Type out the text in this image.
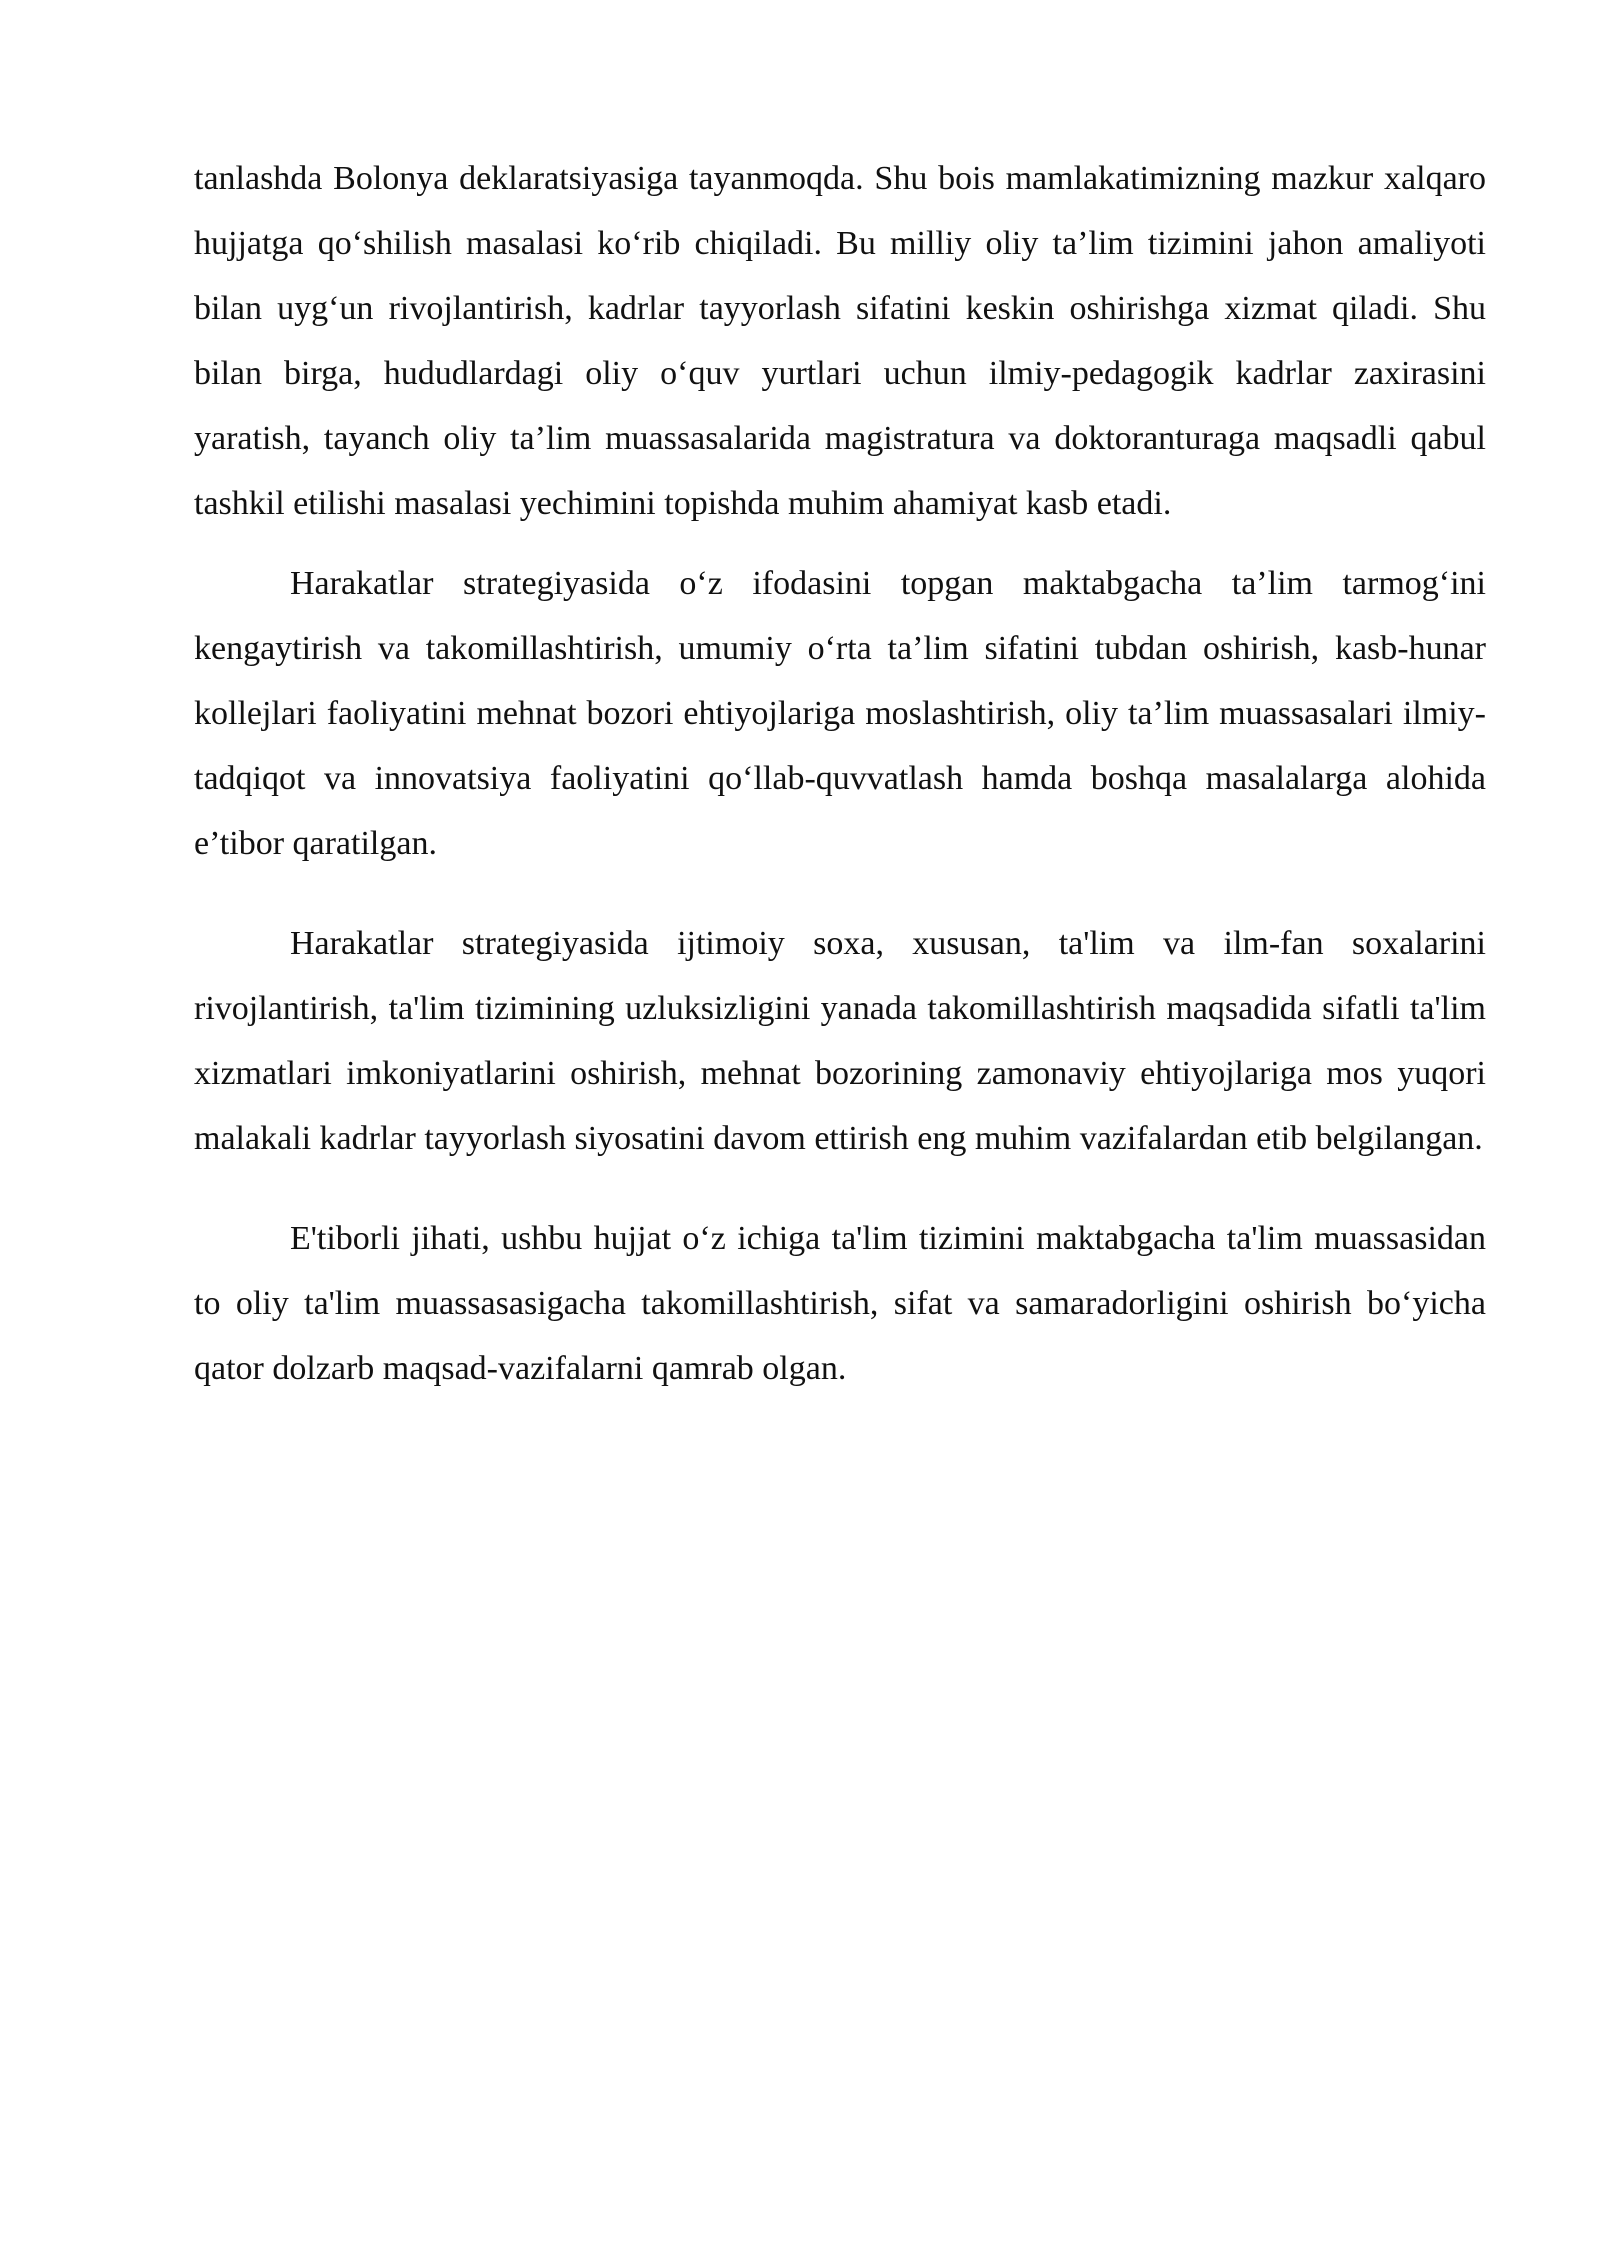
tanlashda Bolonya deklaratsiyasiga tayanmoqda. Shu bois mamlakatimizning mazkur xalqaro hujjatga qo‘shilish masalasi ko‘rib chiqiladi. Bu milliy oliy ta’lim tizimini jahon amaliyoti bilan uyg‘un rivojlantirish, kadrlar tayyorlash sifatini keskin oshirishga xizmat qiladi. Shu bilan birga, hududlardagi oliy o‘quv yurtlari uchun ilmiy-pedagogik kadrlar zaxirasini yaratish, tayanch oliy ta’lim muassasalarida magistratura va doktoranturaga maqsadli qabul tashkil etilishi masalasi yechimini topishda muhim ahamiyat kasb etadi.

Harakatlar strategiyasida o‘z ifodasini topgan maktabgacha ta’lim tarmog‘ini kengaytirish va takomillashtirish, umumiy o‘rta ta’lim sifatini tubdan oshirish, kasb-hunar kollejlari faoliyatini mehnat bozori ehtiyojlariga moslashtirish, oliy ta’lim muassasalari ilmiy-tadqiqot va innovatsiya faoliyatini qo‘llab-quvvatlash hamda boshqa masalalarga alohida e’tibor qaratilgan.

Harakatlar strategiyasida ijtimoiy soxa, xususan, ta'lim va ilm-fan soxalarini rivojlantirish, ta'lim tizimining uzluksizligini yanada takomillashtirish maqsadida sifatli ta'lim xizmatlari imkoniyatlarini oshirish, mehnat bozorining zamonaviy ehtiyojlariga mos yuqori malakali kadrlar tayyorlash siyosatini davom ettirish eng muhim vazifalardan etib belgilangan.

E'tiborli jihati, ushbu hujjat o‘z ichiga ta'lim tizimini maktabgacha ta'lim muassasidan to oliy ta'lim muassasasigacha takomillashtirish, sifat va samaradorligini oshirish bo‘yicha qator dolzarb maqsad-vazifalarni qamrab olgan.
